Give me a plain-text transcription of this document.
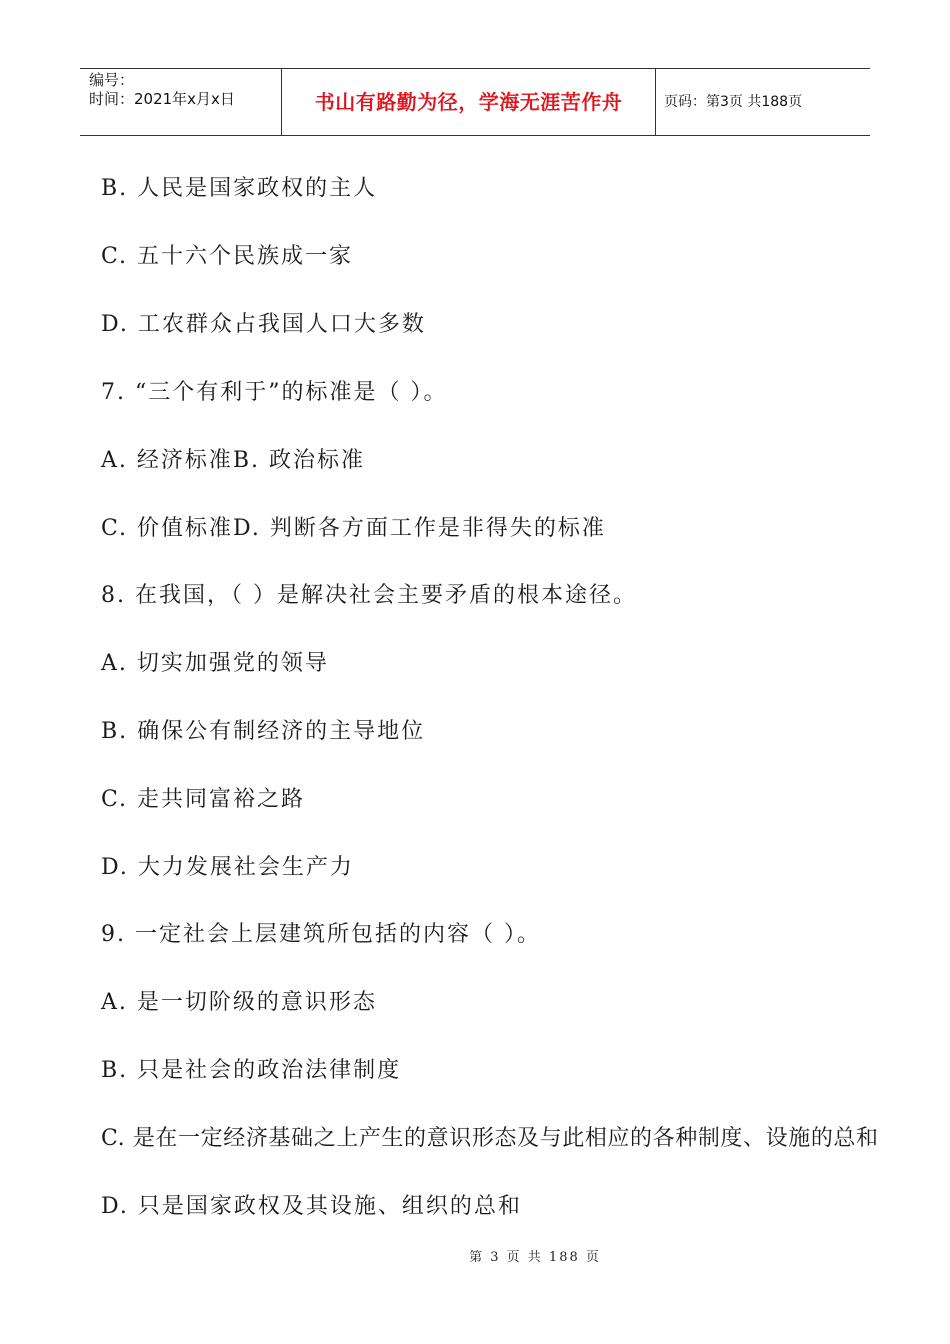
编号：
时间：2021年x月x日	书山有路勤为径，学海无涯苦作舟	页码：第3页 共188页
B. 人民是国家政权的主人
C. 五十六个民族成一家
D. 工农群众占我国人口大多数
7. “三个有利于”的标准是（ ）。
A. 经济标准B. 政治标准
C. 价值标准D. 判断各方面工作是非得失的标准
8. 在我国，（ ）是解决社会主要矛盾的根本途径。
A. 切实加强党的领导
B. 确保公有制经济的主导地位
C. 走共同富裕之路
D. 大力发展社会生产力
9. 一定社会上层建筑所包括的内容（ ）。
A. 是一切阶级的意识形态
B. 只是社会的政治法律制度
C. 是在一定经济基础之上产生的意识形态及与此相应的各种制度、设施的总和
D. 只是国家政权及其设施、组织的总和
第 3 页 共 188 页
